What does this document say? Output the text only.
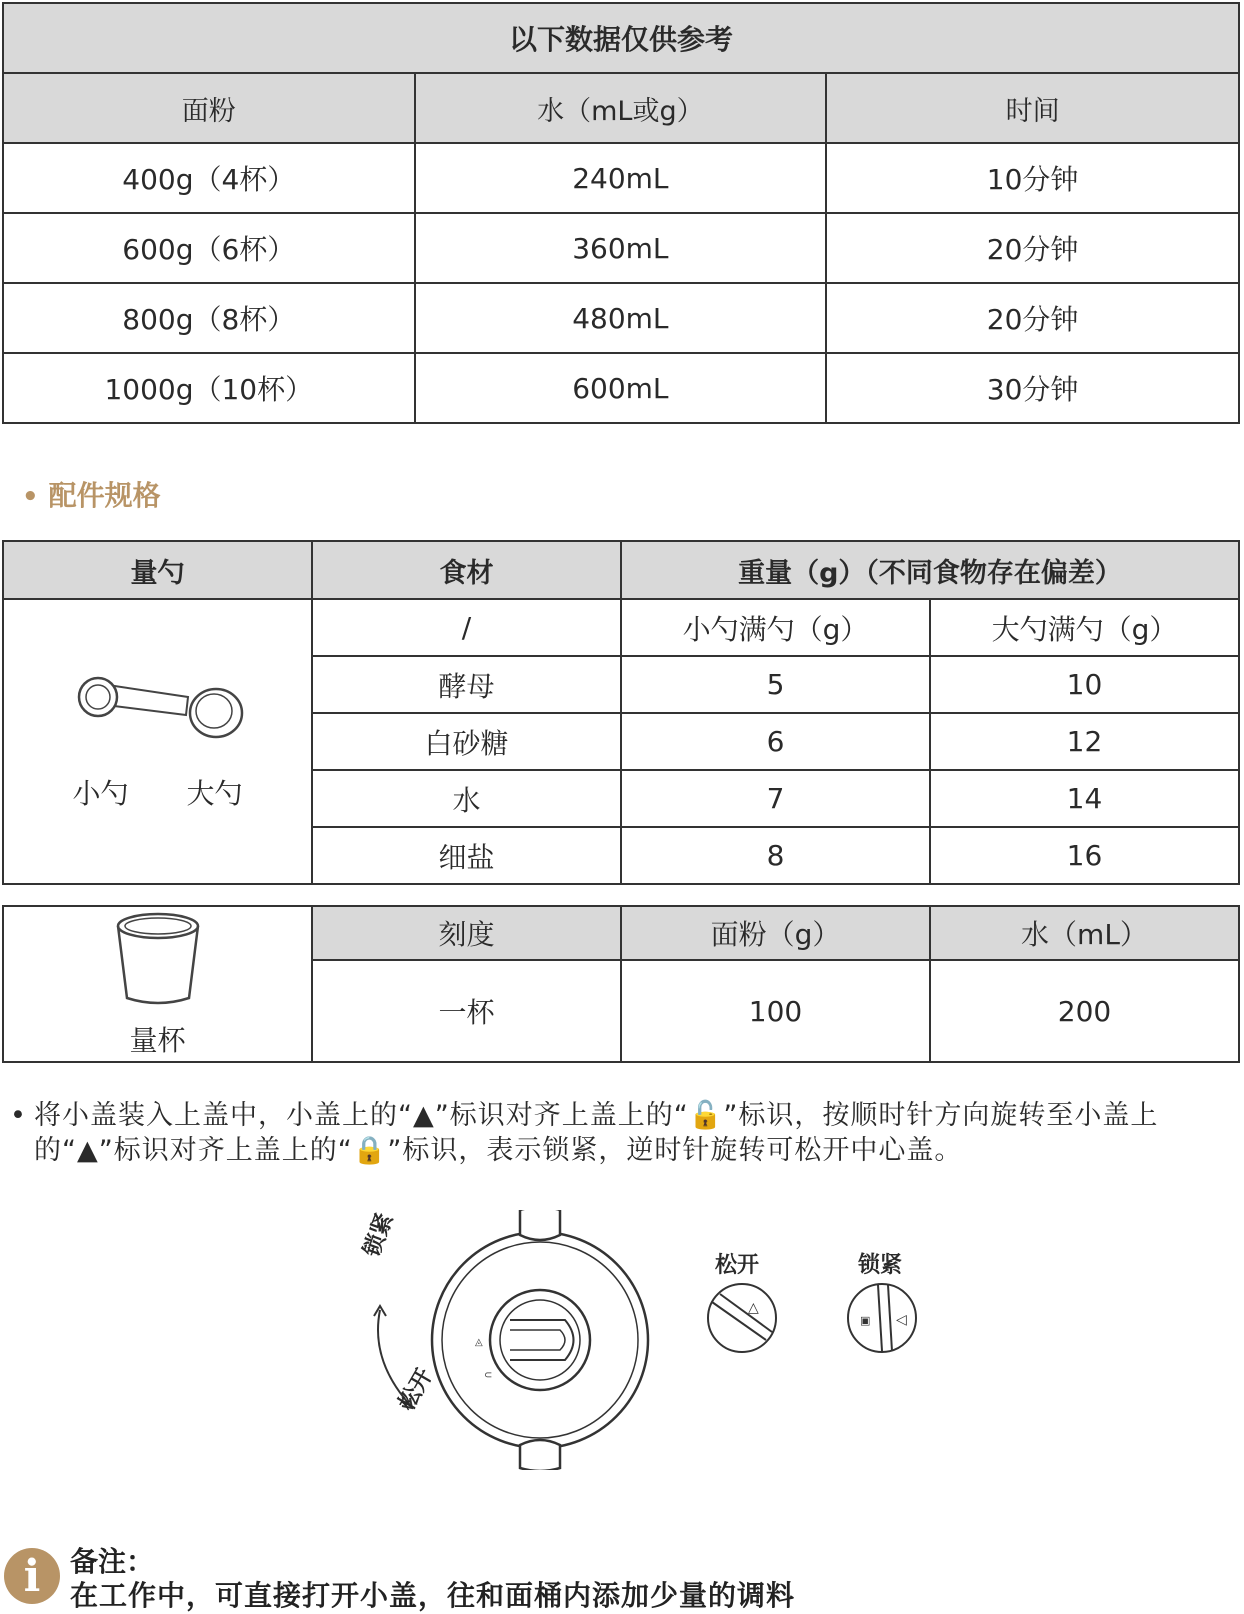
以下数据仅供参考		
面粉	水（mL或g）	时间
400g（4杯）	240mL	10分钟
600g（6杯）	360mL	20分钟
800g（8杯）	480mL	20分钟
1000g（10杯）	600mL	30分钟
• 配件规格
量勺	食材	重量（g）（不同食物存在偏差）	

小勺 大勺	/	小勺满勺（g）	大勺满勺（g）
	酵母	5	10
	白砂糖	6	12
	水	7	14
	细盐	8	16
量杯	刻度	面粉（g）	水（mL）
	一杯	100	200
• 将小盖装入上盖中，小盖上的“▲”标识对齐上盖上的“🔓”标识，按顺时针方向旋转至小盖上的“▲”标识对齐上盖上的“🔒”标识，表示锁紧，逆时针旋转可松开中心盖。
◬
⊂
△
◁
▣
锁紧
松开
松开	锁紧
i	备注：
在工作中，可直接打开小盖，往和面桶内添加少量的调料
